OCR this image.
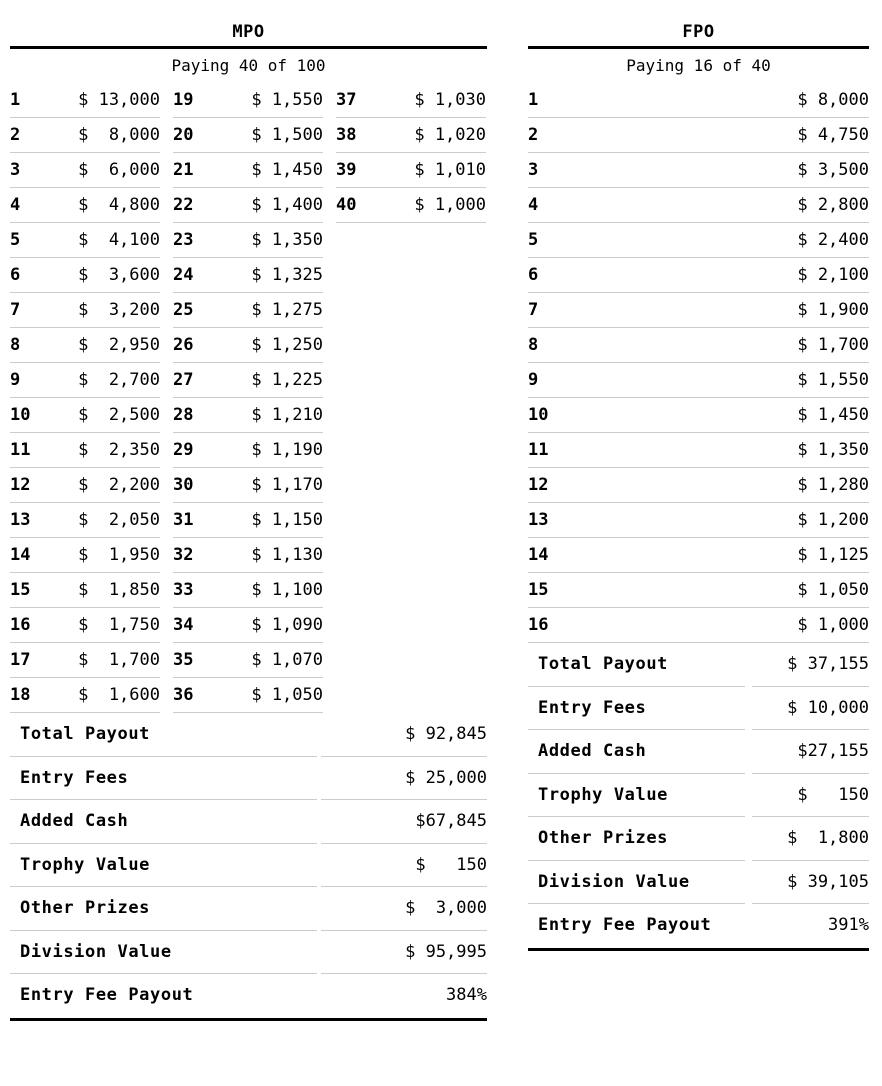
MPO
Paying 40 of 100
1	$ 13,000
2	$  8,000
3	$  6,000
4	$  4,800
5	$  4,100
6	$  3,600
7	$  3,200
8	$  2,950
9	$  2,700
10	$  2,500
11	$  2,350
12	$  2,200
13	$  2,050
14	$  1,950
15	$  1,850
16	$  1,750
17	$  1,700
18	$  1,600
19	$ 1,550
20	$ 1,500
21	$ 1,450
22	$ 1,400
23	$ 1,350
24	$ 1,325
25	$ 1,275
26	$ 1,250
27	$ 1,225
28	$ 1,210
29	$ 1,190
30	$ 1,170
31	$ 1,150
32	$ 1,130
33	$ 1,100
34	$ 1,090
35	$ 1,070
36	$ 1,050
37	$ 1,030
38	$ 1,020
39	$ 1,010
40	$ 1,000
Total Payout	$ 92,845
Entry Fees	$ 25,000
Added Cash	$67,845
Trophy Value	$   150
Other Prizes	$  3,000
Division Value	$ 95,995
Entry Fee Payout	384%
FPO
Paying 16 of 40
1	$ 8,000
2	$ 4,750
3	$ 3,500
4	$ 2,800
5	$ 2,400
6	$ 2,100
7	$ 1,900
8	$ 1,700
9	$ 1,550
10	$ 1,450
11	$ 1,350
12	$ 1,280
13	$ 1,200
14	$ 1,125
15	$ 1,050
16	$ 1,000
Total Payout	$ 37,155
Entry Fees	$ 10,000
Added Cash	$27,155
Trophy Value	$   150
Other Prizes	$  1,800
Division Value	$ 39,105
Entry Fee Payout	391%
